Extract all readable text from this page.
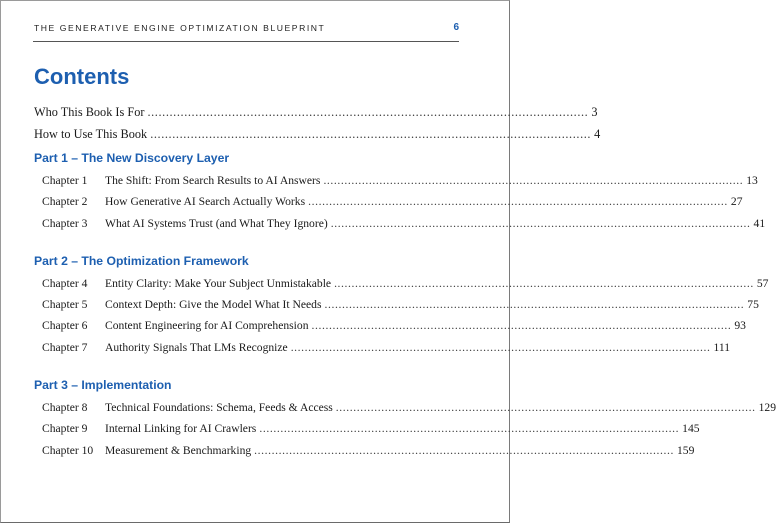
THE GENERATIVE ENGINE OPTIMIZATION BLUEPRINT	6
Contents
Who This Book Is For ........................................................................................................................ 3
How to Use This Book ........................................................................................................................ 4
Part 1 – The New Discovery Layer
Chapter 1 The Shift: From Search Results to AI Answers ........................................................................................................................ 13
Chapter 2 How Generative AI Search Actually Works ........................................................................................................................ 27
Chapter 3 What AI Systems Trust (and What They Ignore) ........................................................................................................................ 41
Part 2 – The Optimization Framework
Chapter 4 Entity Clarity: Make Your Subject Unmistakable ........................................................................................................................ 57
Chapter 5 Context Depth: Give the Model What It Needs ........................................................................................................................ 75
Chapter 6 Content Engineering for AI Comprehension ........................................................................................................................ 93
Chapter 7 Authority Signals That LMs Recognize ........................................................................................................................ 111
Part 3 – Implementation
Chapter 8 Technical Foundations: Schema, Feeds & Access ........................................................................................................................ 129
Chapter 9 Internal Linking for AI Crawlers ........................................................................................................................ 145
Chapter 10 Measurement & Benchmarking ........................................................................................................................ 159
